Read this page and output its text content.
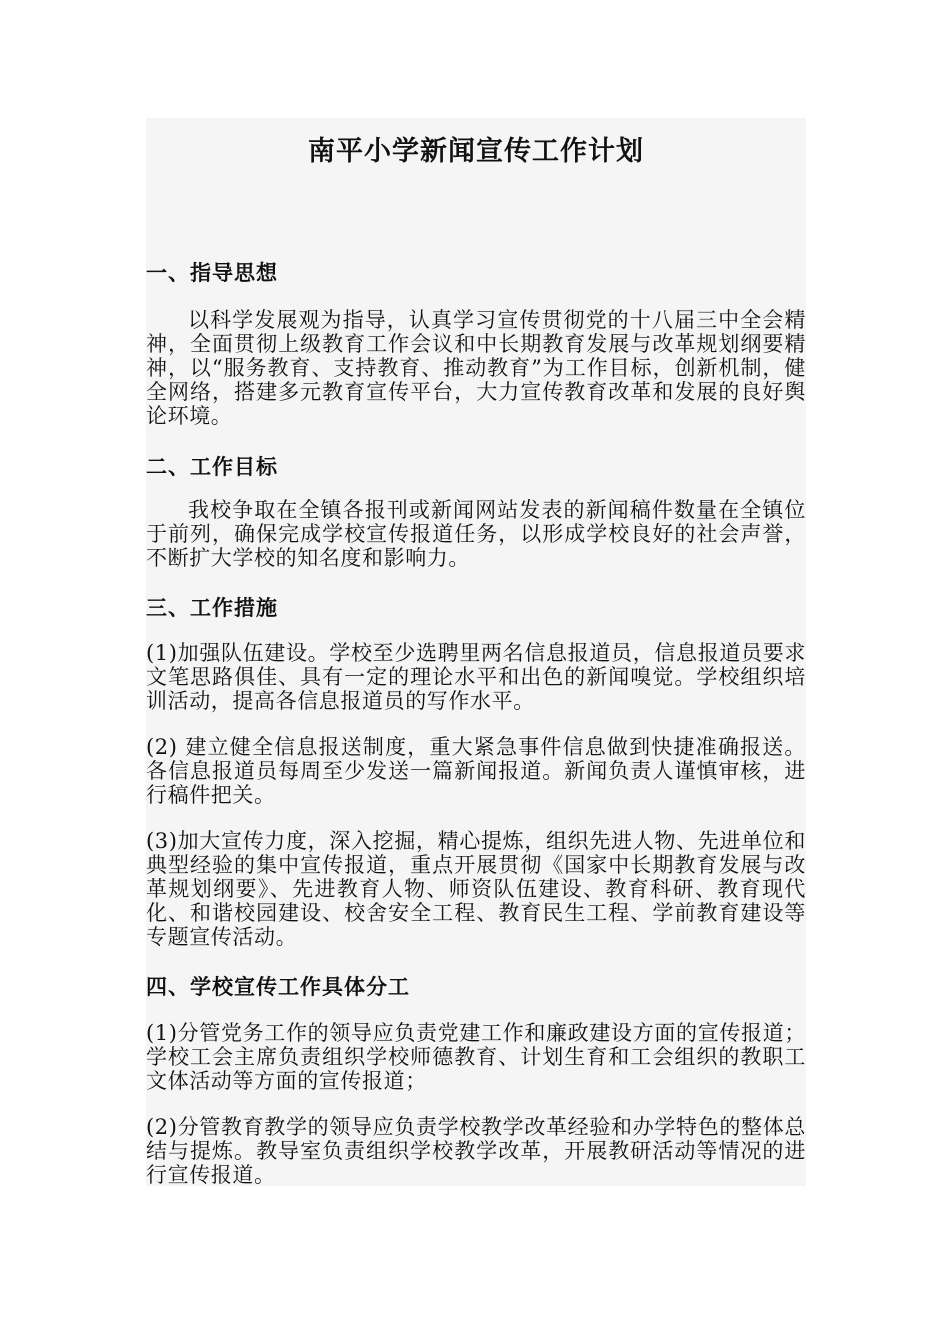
南平小学新闻宣传工作计划
一、指导思想

以科学发展观为指导，认真学习宣传贯彻党的十八届三中全会精神，全面贯彻上级教育工作会议和中长期教育发展与改革规划纲要精神，以“服务教育、支持教育、推动教育”为工作目标，创新机制，健全网络，搭建多元教育宣传平台，大力宣传教育改革和发展的良好舆论环境。

二、工作目标

我校争取在全镇各报刊或新闻网站发表的新闻稿件数量在全镇位于前列，确保完成学校宣传报道任务，以形成学校良好的社会声誉，不断扩大学校的知名度和影响力。

三、工作措施

(1)加强队伍建设。学校至少选聘里两名信息报道员，信息报道员要求文笔思路俱佳、具有一定的理论水平和出色的新闻嗅觉。学校组织培训活动，提高各信息报道员的写作水平。

(2) 建立健全信息报送制度，重大紧急事件信息做到快捷准确报送。各信息报道员每周至少发送一篇新闻报道。新闻负责人谨慎审核，进行稿件把关。

(3)加大宣传力度，深入挖掘，精心提炼，组织先进人物、先进单位和典型经验的集中宣传报道，重点开展贯彻《国家中长期教育发展与改革规划纲要》、先进教育人物、师资队伍建设、教育科研、教育现代化、和谐校园建设、校舍安全工程、教育民生工程、学前教育建设等专题宣传活动。

四、学校宣传工作具体分工

(1)分管党务工作的领导应负责党建工作和廉政建设方面的宣传报道；学校工会主席负责组织学校师德教育、计划生育和工会组织的教职工文体活动等方面的宣传报道；

(2)分管教育教学的领导应负责学校教学改革经验和办学特色的整体总结与提炼。教导室负责组织学校教学改革，开展教研活动等情况的进行宣传报道。
